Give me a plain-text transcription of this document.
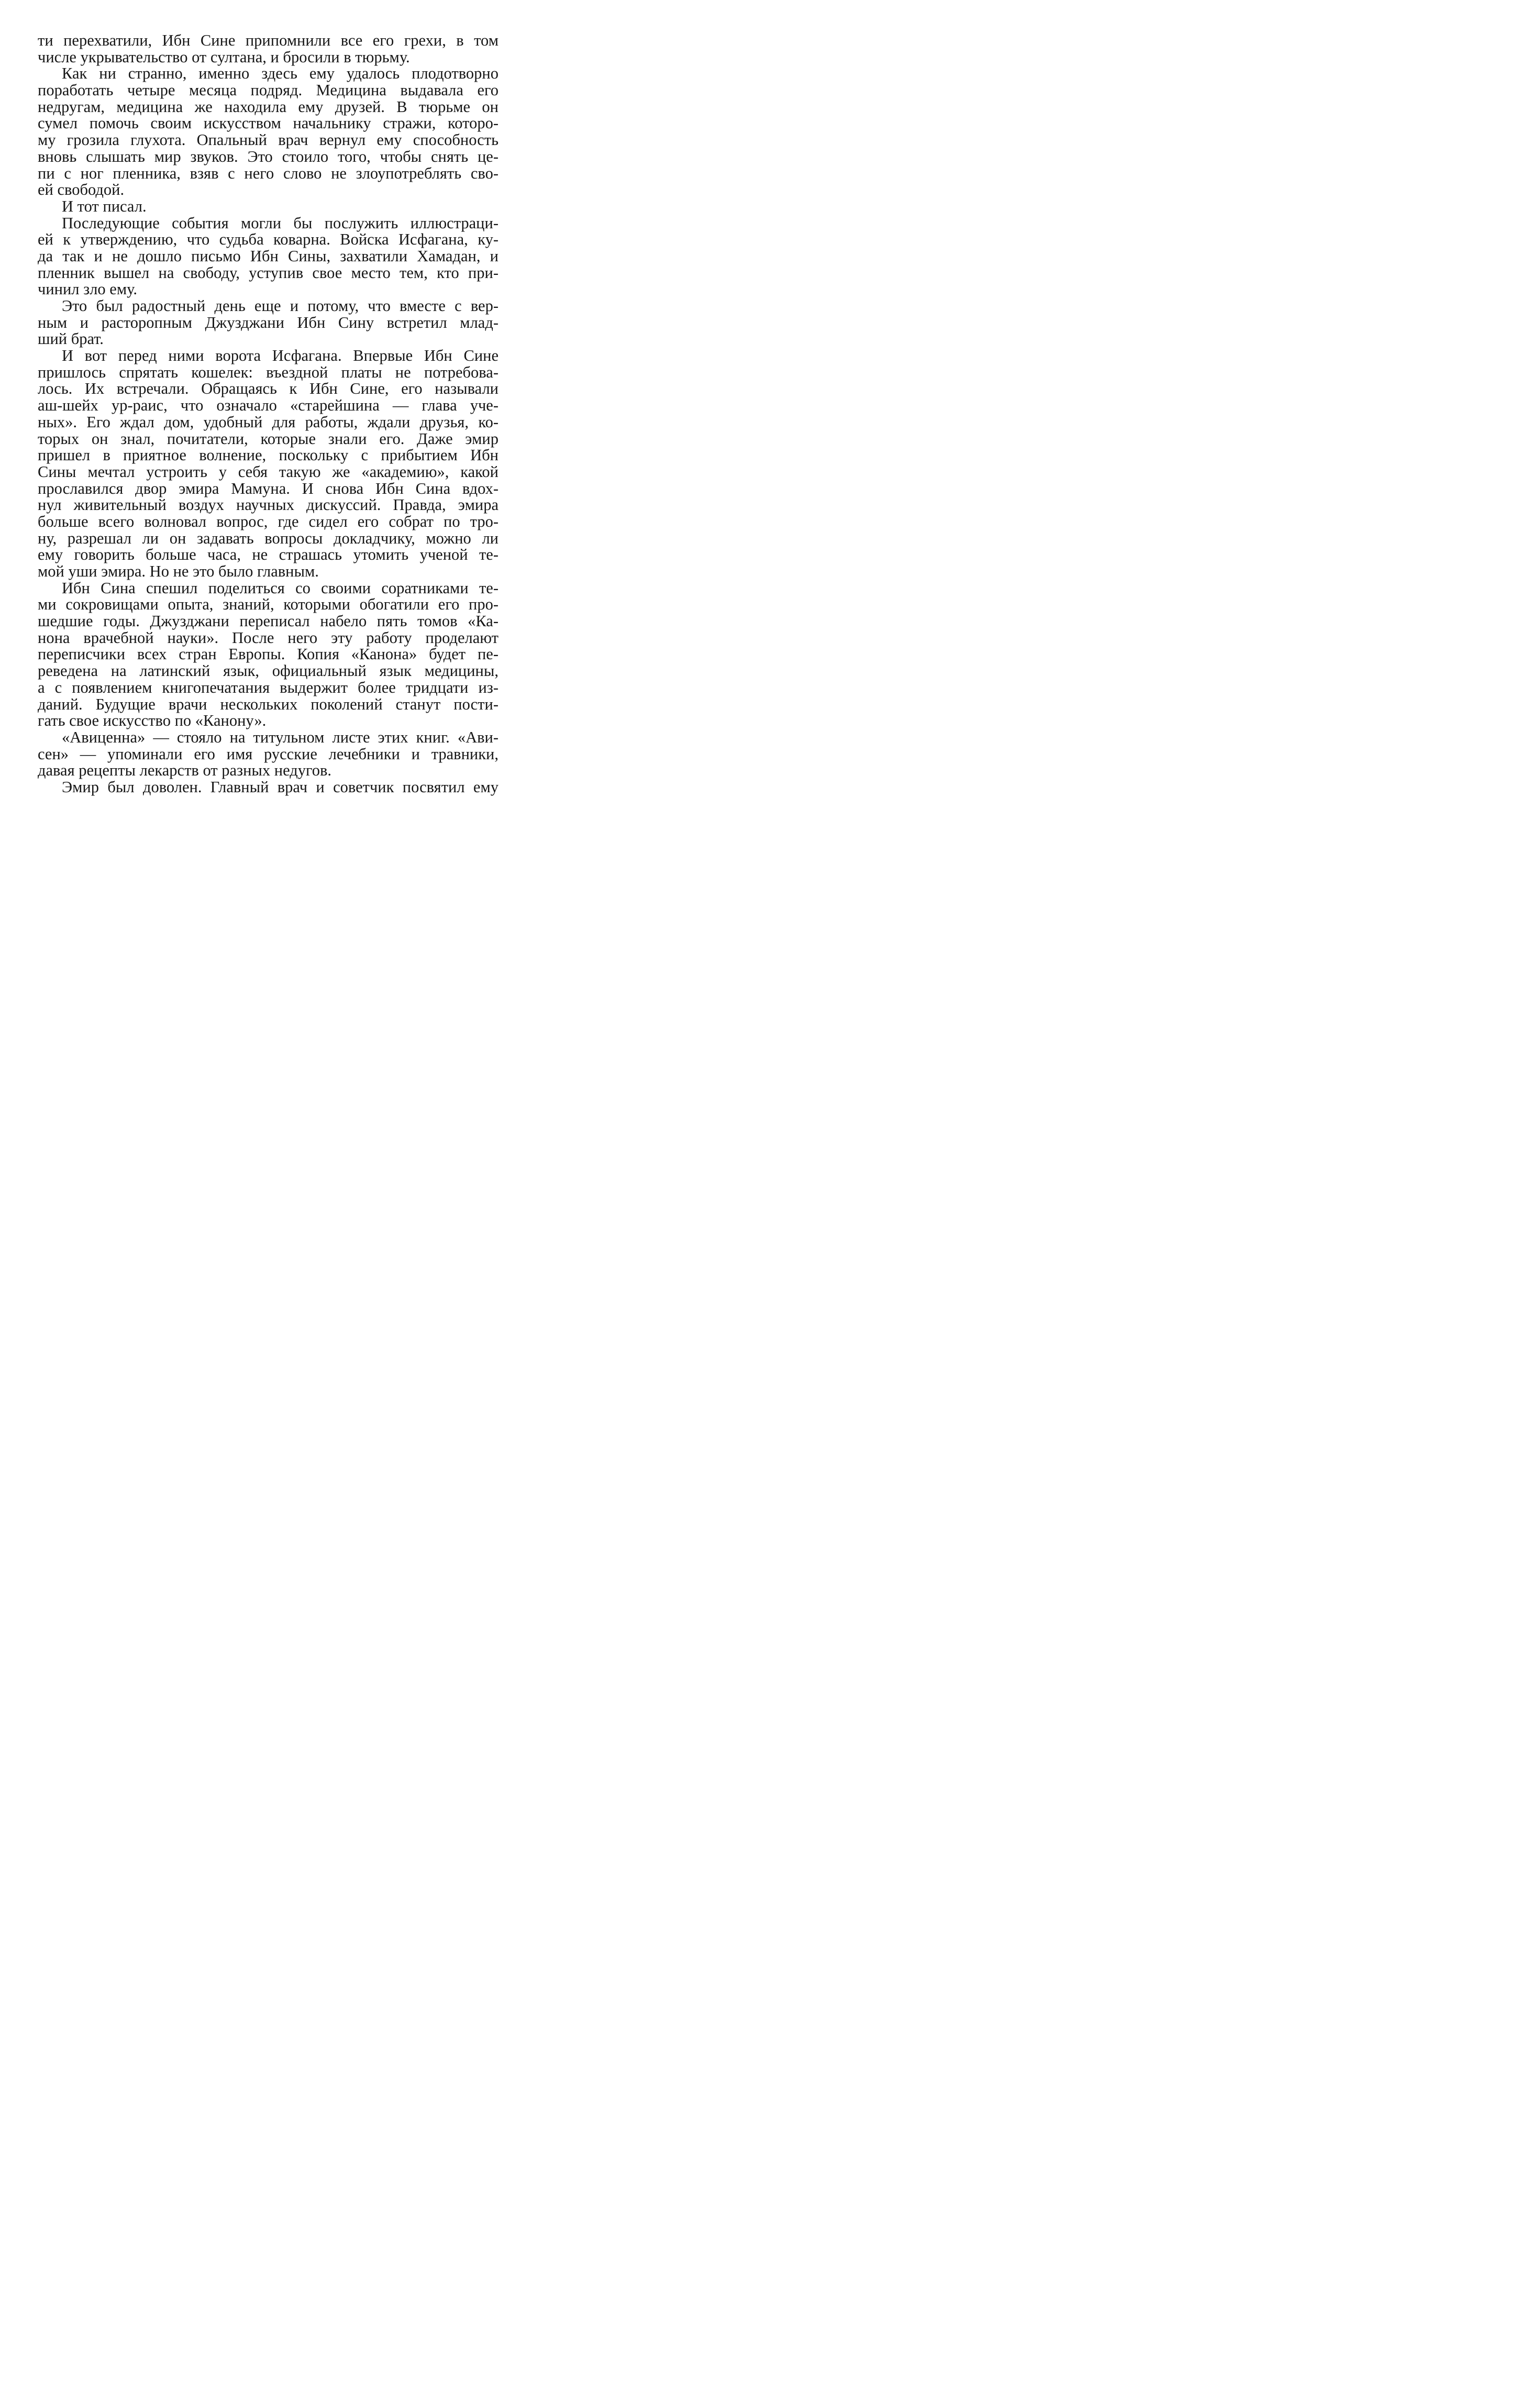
ти перехватили, Ибн Сине припомнили все его грехи, в том
числе укрывательство от султана, и бросили в тюрьму.
Как ни странно, именно здесь ему удалось плодотворно
поработать четыре месяца подряд. Медицина выдавала его
недругам, медицина же находила ему друзей. В тюрьме он
сумел помочь своим искусством начальнику стражи, которо-
му грозила глухота. Опальный врач вернул ему способность
вновь слышать мир звуков. Это стоило того, чтобы снять це-
пи с ног пленника, взяв с него слово не злоупотреблять сво-
ей свободой.
И тот писал.
Последующие события могли бы послужить иллюстраци-
ей к утверждению, что судьба коварна. Войска Исфагана, ку-
да так и не дошло письмо Ибн Сины, захватили Хамадан, и
пленник вышел на свободу, уступив свое место тем, кто при-
чинил зло ему.
Это был радостный день еще и потому, что вместе с вер-
ным и расторопным Джузджани Ибн Сину встретил млад-
ший брат.
И вот перед ними ворота Исфагана. Впервые Ибн Сине
пришлось спрятать кошелек: въездной платы не потребова-
лось. Их встречали. Обращаясь к Ибн Сине, его называли
аш-шейх ур-раис, что означало «старейшина — глава уче-
ных». Его ждал дом, удобный для работы, ждали друзья, ко-
торых он знал, почитатели, которые знали его. Даже эмир
пришел в приятное волнение, поскольку с прибытием Ибн
Сины мечтал устроить у себя такую же «академию», какой
прославился двор эмира Мамуна. И снова Ибн Сина вдох-
нул живительный воздух научных дискуссий. Правда, эмира
больше всего волновал вопрос, где сидел его собрат по тро-
ну, разрешал ли он задавать вопросы докладчику, можно ли
ему говорить больше часа, не страшась утомить ученой те-
мой уши эмира. Но не это было главным.
Ибн Сина спешил поделиться со своими соратниками те-
ми сокровищами опыта, знаний, которыми обогатили его про-
шедшие годы. Джузджани переписал набело пять томов «Ка-
нона врачебной науки». После него эту работу проделают
переписчики всех стран Европы. Копия «Канона» будет пе-
реведена на латинский язык, официальный язык медицины,
а с появлением книгопечатания выдержит более тридцати из-
даний. Будущие врачи нескольких поколений станут пости-
гать свое искусство по «Канону».
«Авиценна» — стояло на титульном листе этих книг. «Ави-
сен» — упоминали его имя русские лечебники и травники,
давая рецепты лекарств от разных недугов.
Эмир был доволен. Главный врач и советчик посвятил ему
